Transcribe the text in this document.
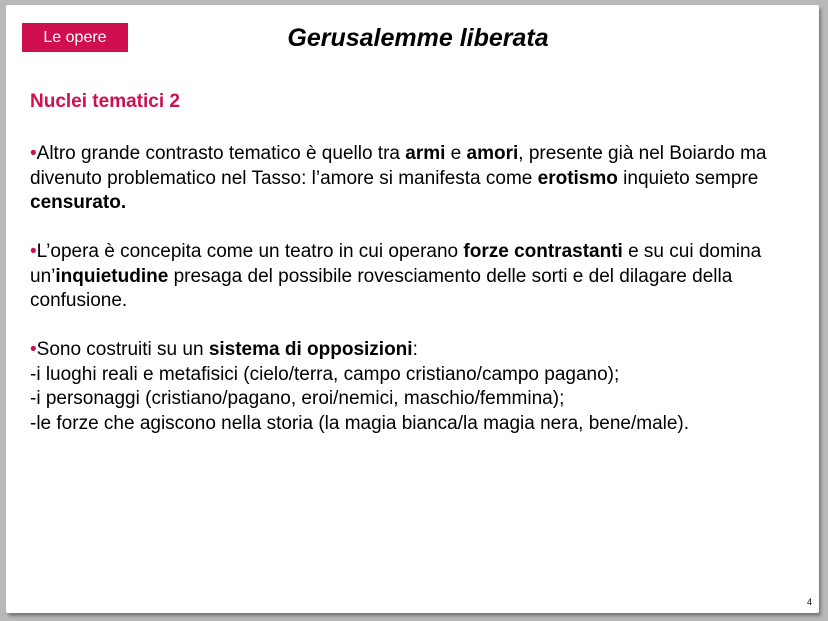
Le opere	Gerusalemme liberata
Nuclei tematici 2
•Altro grande contrasto tematico è quello tra armi e amori, presente già nel Boiardo ma divenuto problematico nel Tasso: l’amore si manifesta come erotismo inquieto sempre censurato.
•L’opera è concepita come un teatro in cui operano forze contrastanti e su cui domina un’inquietudine presaga del possibile rovesciamento delle sorti e del dilagare della confusione.
•Sono costruiti su un sistema di opposizioni:
-i luoghi reali e metafisici (cielo/terra, campo cristiano/campo pagano);
-i personaggi (cristiano/pagano, eroi/nemici, maschio/femmina);
-le forze che agiscono nella storia (la magia bianca/la magia nera, bene/male).
4
